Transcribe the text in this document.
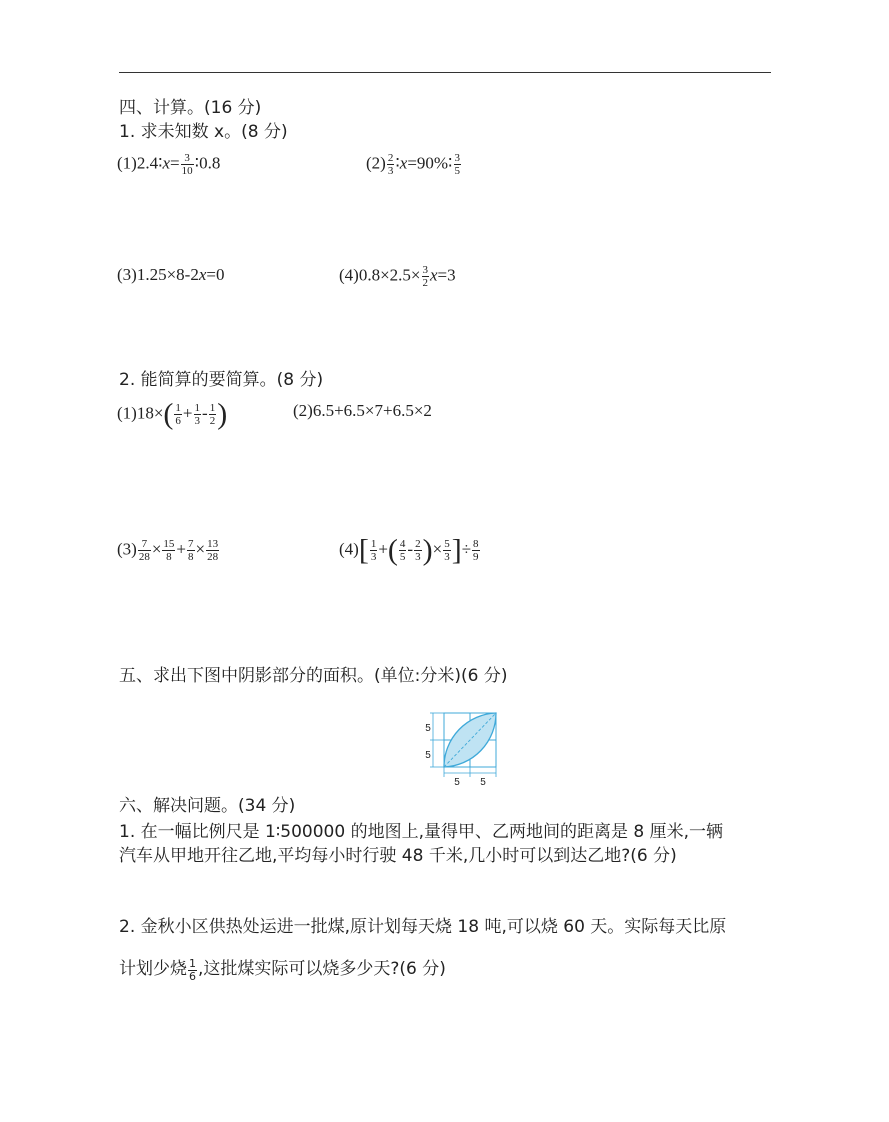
四、计算。(16 分)
1. 求未知数 x。(8 分)
(1)2.4∶x= $\frac{3}{10}$ ∶0.8	$(2) \frac{2}{3}$ ∶x=90%∶ $\frac{3}{5}$
(3)1.25×8-2x=0	$(4)0.8\times 2.5\times \frac{3}{2} x=3$
2. 能简算的要简算。(8 分)
$(1)18\times( \frac{1}{6} + \frac{1}{3} - \frac{1}{2}$ )	(2)6.5+6.5×7+6.5×2
$(3) \frac{7}{28} \times \frac{15}{8} + \frac{7}{8} \times \frac{13}{28}$	$(4)[ \frac{1}{3}$ +( $\frac{4}{5} - \frac{2}{3}$ )× $\frac{5}{3}$ ]÷ $\frac{8}{9}$
五、求出下图中阴影部分的面积。(单位:分米)(6 分)
5
5
5 5
六、解决问题。(34 分)
1. 在一幅比例尺是 1∶500000 的地图上,量得甲、乙两地间的距离是 8 厘米,一辆
汽车从甲地开往乙地,平均每小时行驶 48 千米,几小时可以到达乙地?(6 分)
2. 金秋小区供热处运进一批煤,原计划每天烧 18 吨,可以烧 60 天。实际每天比原
计划少烧 $\frac{1}{6}$ ,这批煤实际可以烧多少天?(6 分)
